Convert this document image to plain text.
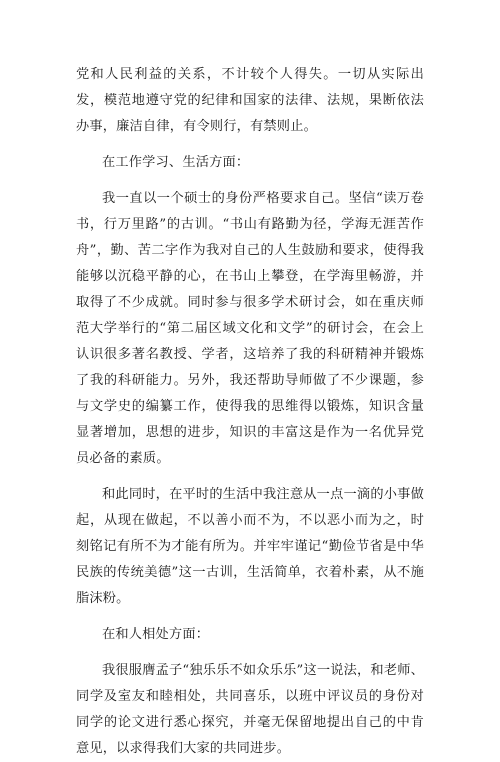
党和人民利益的关系，不计较个人得失。一切从实际出发，模范地遵守党的纪律和国家的法律、法规，果断依法办事，廉洁自律，有令则行，有禁则止。

在工作学习、生活方面：

我一直以一个硕士的身份严格要求自己。坚信“读万卷书，行万里路”的古训。“书山有路勤为径，学海无涯苦作舟”，勤、苦二字作为我对自己的人生鼓励和要求，使得我能够以沉稳平静的心，在书山上攀登，在学海里畅游，并取得了不少成就。同时参与很多学术研讨会，如在重庆师范大学举行的“第二届区域文化和文学”的研讨会，在会上认识很多著名教授、学者，这培养了我的科研精神并锻炼了我的科研能力。另外，我还帮助导师做了不少课题，参与文学史的编纂工作，使得我的思维得以锻炼，知识含量显著增加，思想的进步，知识的丰富这是作为一名优异党员必备的素质。

和此同时，在平时的生活中我注意从一点一滴的小事做起，从现在做起，不以善小而不为，不以恶小而为之，时刻铭记有所不为才能有所为。并牢牢谨记“勤俭节省是中华民族的传统美德”这一古训，生活简单，衣着朴素，从不施脂沫粉。

在和人相处方面：

我很服膺孟子“独乐乐不如众乐乐”这一说法，和老师、同学及室友和睦相处，共同喜乐，以班中评议员的身份对同学的论文进行悉心探究，并毫无保留地提出自己的中肯意见，以求得我们大家的共同进步。
